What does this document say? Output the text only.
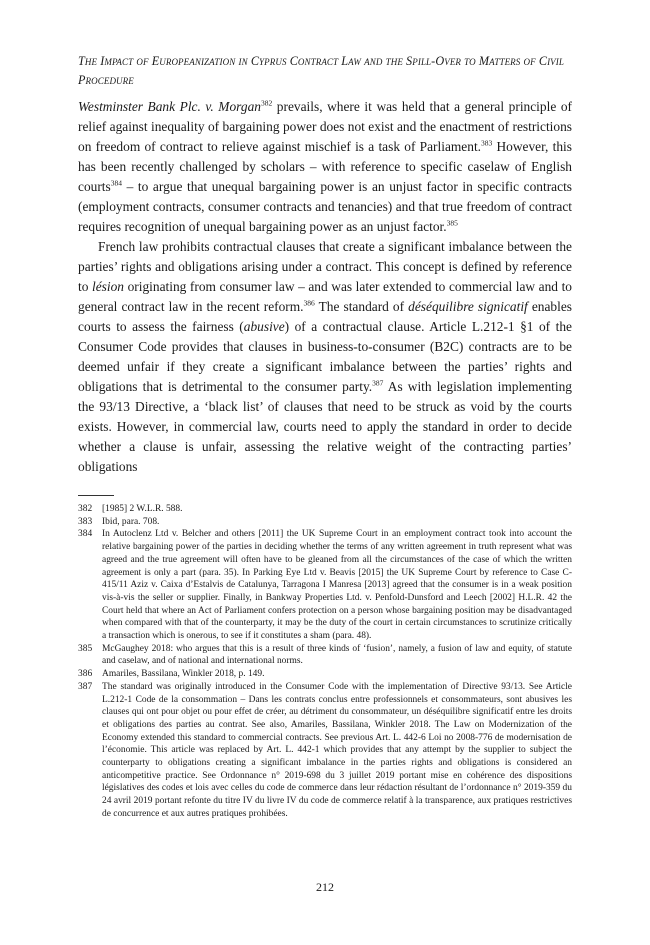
The Impact of Europeanization in Cyprus Contract Law and the Spill-Over to Matters of Civil Procedure

Westminster Bank Plc. v. Morgan$^{382}$ prevails, where it was held that a general principle of relief against inequality of bargaining power does not exist and the enactment of restrictions on freedom of contract to relieve against mischief is a task of Parliament.$^{383}$ However, this has been recently challenged by scholars – with reference to specific caselaw of English courts$^{384}$ – to argue that unequal bargaining power is an unjust factor in specific contracts (employment contracts, consumer contracts and tenancies) and that true freedom of contract requires recognition of unequal bargaining power as an unjust factor.$^{385}$

French law prohibits contractual clauses that create a significant imbalance between the parties’ rights and obligations arising under a contract. This concept is defined by reference to lésion originating from consumer law – and was later extended to commercial law and to general contract law in the recent reform.$^{386}$ The standard of déséquilibre signicatif enables courts to assess the fairness (abusive) of a contractual clause. Article L.212-1 §1 of the Consumer Code provides that clauses in business-to-consumer (B2C) contracts are to be deemed unfair if they create a significant imbalance between the parties’ rights and obligations that is detrimental to the consumer party.$^{387}$ As with legislation implementing the 93/13 Directive, a ‘black list’ of clauses that need to be struck as void by the courts exists. However, in commercial law, courts need to apply the standard in order to decide whether a clause is unfair, assessing the relative weight of the contracting parties’ obligations

382	[1985] 2 W.L.R. 588.
383	Ibid, para. 708.
384	In Autoclenz Ltd v. Belcher and others [2011] the UK Supreme Court in an employment contract took into account the relative bargaining power of the parties in deciding whether the terms of any written agreement in truth represent what was agreed and the true agreement will often have to be gleaned from all the circumstances of the case of which the written agreement is only a part (para. 35). In Parking Eye Ltd v. Beavis [2015] the UK Supreme Court by reference to Case C-415/11 Aziz v. Caixa d’Estalvis de Catalunya, Tarragona I Manresa [2013] agreed that the consumer is in a weak position vis-à-vis the seller or supplier. Finally, in Bankway Properties Ltd. v. Penfold-Dunsford and Leech [2002] H.L.R. 42 the Court held that where an Act of Parliament confers protection on a person whose bargaining position may be disadvantaged when compared with that of the counterparty, it may be the duty of the court in certain circumstances to scrutinize critically a transaction which is onerous, to see if it constitutes a sham (para. 48).
385	McGaughey 2018: who argues that this is a result of three kinds of ‘fusion’, namely, a fusion of law and equity, of statute and caselaw, and of national and international norms.
386	Amariles, Bassilana, Winkler 2018, p. 149.
387	The standard was originally introduced in the Consumer Code with the implementation of Directive 93/13. See Article L.212-1 Code de la consommation – Dans les contrats conclus entre professionnels et consommateurs, sont abusives les clauses qui ont pour objet ou pour effet de créer, au détriment du consommateur, un déséquilibre significatif entre les droits et obligations des parties au contrat. See also, Amariles, Bassilana, Winkler 2018. The Law on Modernization of the Economy extended this standard to commercial contracts. See previous Art. L. 442-6 Loi no 2008-776 de modernisation de l’économie. This article was replaced by Art. L. 442-1 which provides that any attempt by the supplier to subject the counterparty to obligations creating a significant imbalance in the parties rights and obligations is considered an anticompetitive practice. See Ordonnance n° 2019-698 du 3 juillet 2019 portant mise en cohérence des dispositions législatives des codes et lois avec celles du code de commerce dans leur rédaction résultant de l’ordonnance n° 2019-359 du 24 avril 2019 portant refonte du titre IV du livre IV du code de commerce relatif à la transparence, aux pratiques restrictives de concurrence et aux autres pratiques prohibées.
212
